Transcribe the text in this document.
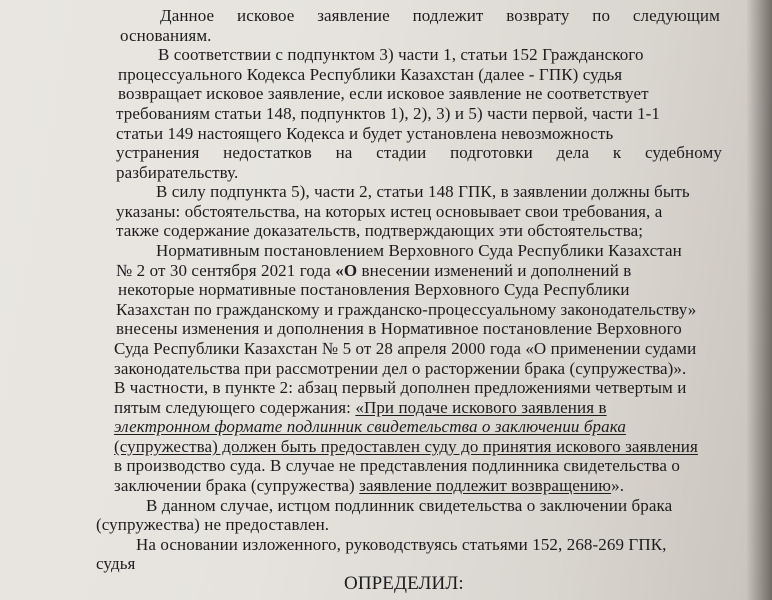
Данное исковое заявление подлежит возврату по следующим
основаниям.
В соответствии с подпунктом 3) части 1, статьи 152 Гражданского
процессуального Кодекса Республики Казахстан (далее - ГПК) судья
возвращает исковое заявление, если исковое заявление не соответствует
требованиям статьи 148, подпунктов 1), 2), 3) и 5) части первой, части 1-1
статьи 149 настоящего Кодекса и будет установлена невозможность
устранения недостатков на стадии подготовки дела к судебному
разбирательству.
В силу подпункта 5), части 2, статьи 148 ГПК, в заявлении должны быть
указаны: обстоятельства, на которых истец основывает свои требования, а
также содержание доказательств, подтверждающих эти обстоятельства;
Нормативным постановлением Верховного Суда Республики Казахстан
№ 2 от 30 сентября 2021 года «О внесении изменений и дополнений в
некоторые нормативные постановления Верховного Суда Республики
Казахстан по гражданскому и гражданско-процессуальному законодательству»
внесены изменения и дополнения в Нормативное постановление Верховного
Суда Республики Казахстан № 5 от 28 апреля 2000 года «О применении судами
законодательства при рассмотрении дел о расторжении брака (супружества)».
В частности, в пункте 2: абзац первый дополнен предложениями четвертым и
пятым следующего содержания: «При подаче искового заявления в
электронном формате подлинник свидетельства о заключении брака
(супружества) должен быть предоставлен суду до принятия искового заявления
в производство суда. В случае не представления подлинника свидетельства о
заключении брака (супружества) заявление подлежит возвращению».
В данном случае, истцом подлинник свидетельства о заключении брака
(супружества) не предоставлен.
На основании изложенного, руководствуясь статьями 152, 268-269 ГПК,
судья
ОПРЕДЕЛИЛ:
